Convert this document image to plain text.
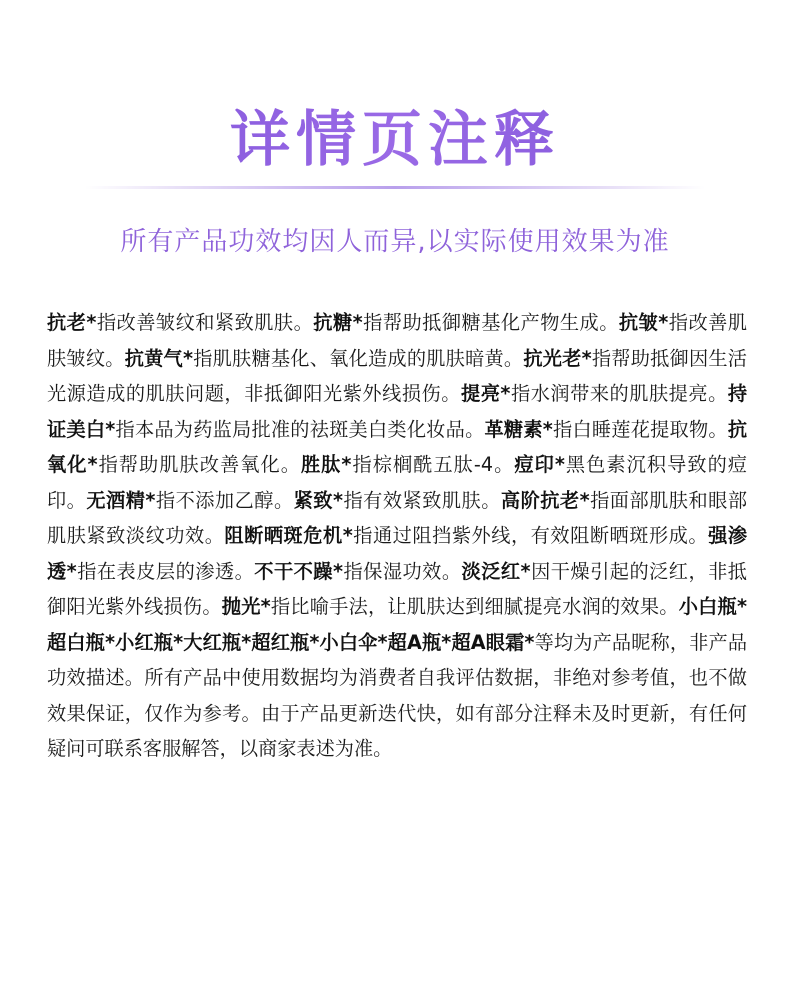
详情页注释
所有产品功效均因人而异,以实际使用效果为准

抗老*指改善皱纹和紧致肌肤。抗糖*指帮助抵御糖基化产物生成。抗皱*指改善肌肤皱纹。抗黄气*指肌肤糖基化、氧化造成的肌肤暗黄。抗光老*指帮助抵御因生活光源造成的肌肤问题，非抵御阳光紫外线损伤。提亮*指水润带来的肌肤提亮。持证美白*指本品为药监局批准的祛斑美白类化妆品。革糖素*指白睡莲花提取物。抗氧化*指帮助肌肤改善氧化。胜肽*指棕榈酰五肽-4。痘印*黑色素沉积导致的痘印。无酒精*指不添加乙醇。紧致*指有效紧致肌肤。高阶抗老*指面部肌肤和眼部肌肤紧致淡纹功效。阻断晒斑危机*指通过阻挡紫外线，有效阻断晒斑形成。强渗透*指在表皮层的渗透。不干不躁*指保湿功效。淡泛红*因干燥引起的泛红，非抵御阳光紫外线损伤。抛光*指比喻手法，让肌肤达到细腻提亮水润的效果。小白瓶*超白瓶*小红瓶*大红瓶*超红瓶*小白伞*超A瓶*超A眼霜*等均为产品昵称，非产品功效描述。所有产品中使用数据均为消费者自我评估数据，非绝对参考值，也不做效果保证，仅作为参考。由于产品更新迭代快，如有部分注释未及时更新，有任何疑问可联系客服解答，以商家表述为准。
